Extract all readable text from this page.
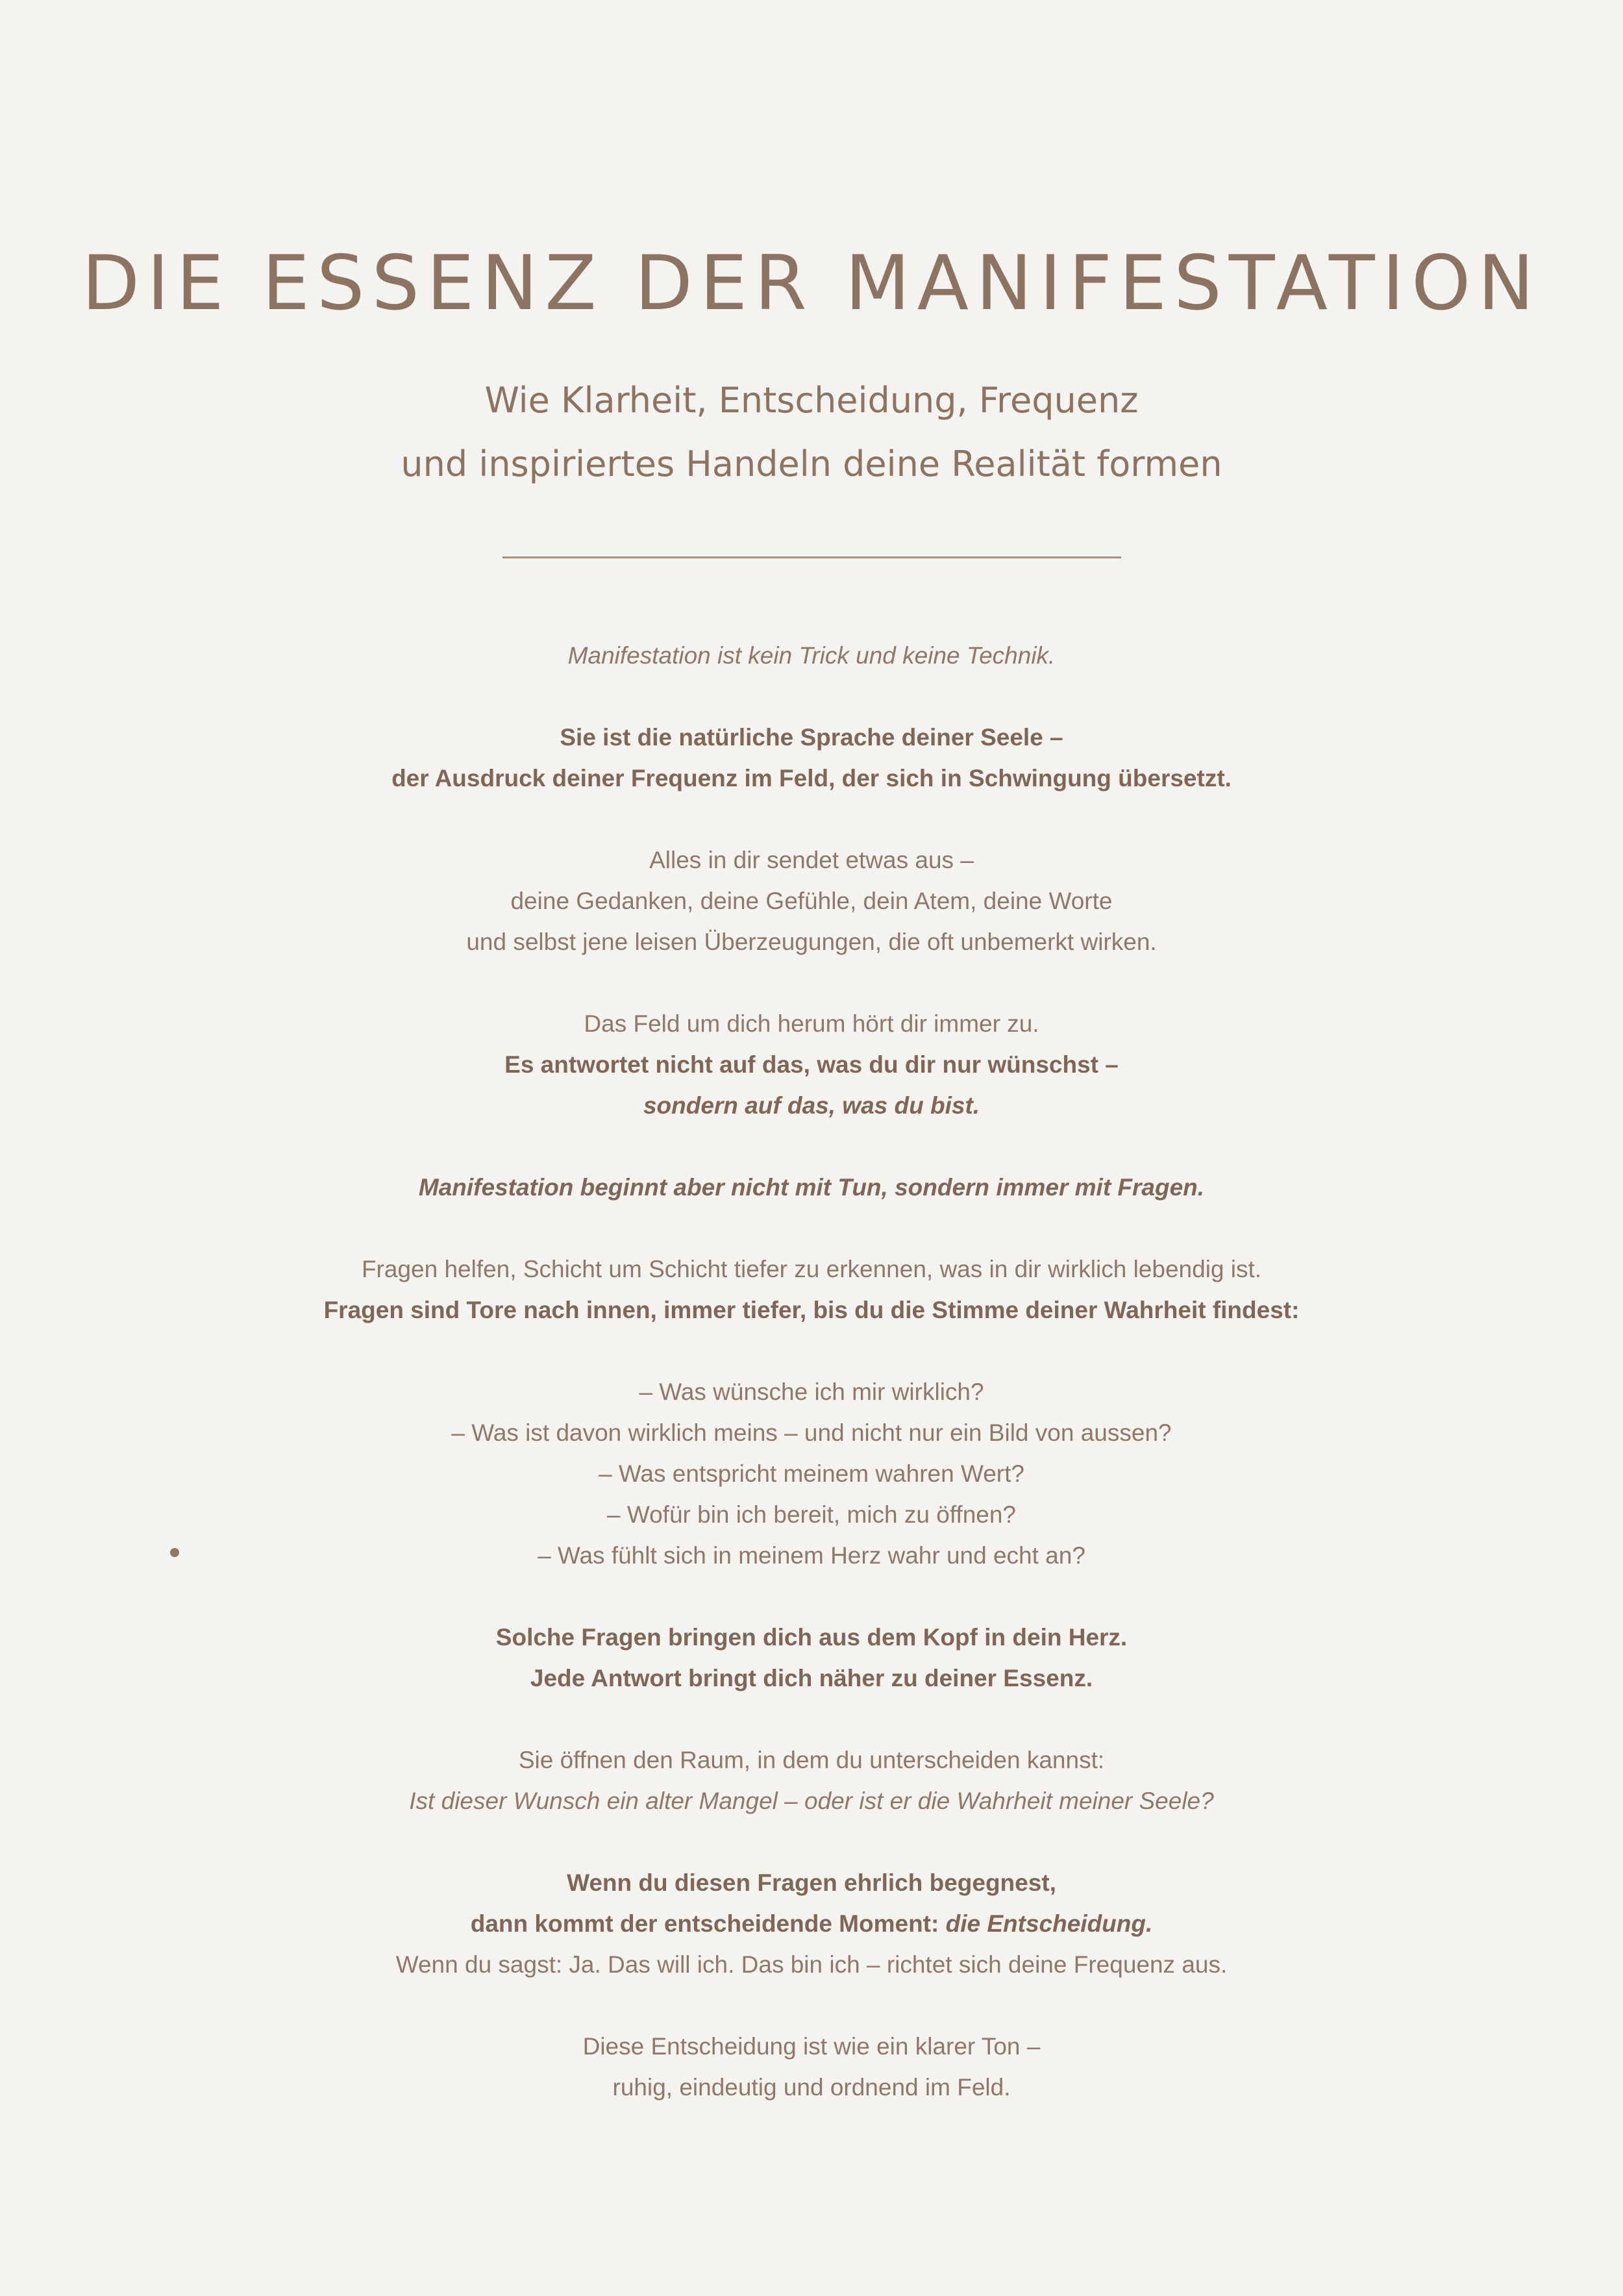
DIE ESSENZ DER MANIFESTATION
Wie Klarheit, Entscheidung, Frequenz
und inspiriertes Handeln deine Realität formen
Manifestation ist kein Trick und keine Technik.
Sie ist die natürliche Sprache deiner Seele –
der Ausdruck deiner Frequenz im Feld, der sich in Schwingung übersetzt.
Alles in dir sendet etwas aus –
deine Gedanken, deine Gefühle, dein Atem, deine Worte
und selbst jene leisen Überzeugungen, die oft unbemerkt wirken.
Das Feld um dich herum hört dir immer zu.
Es antwortet nicht auf das, was du dir nur wünschst –
sondern auf das, was du bist.
Manifestation beginnt aber nicht mit Tun, sondern immer mit Fragen.
Fragen helfen, Schicht um Schicht tiefer zu erkennen, was in dir wirklich lebendig ist.
Fragen sind Tore nach innen, immer tiefer, bis du die Stimme deiner Wahrheit findest:
– Was wünsche ich mir wirklich?
– Was ist davon wirklich meins – und nicht nur ein Bild von aussen?
– Was entspricht meinem wahren Wert?
– Wofür bin ich bereit, mich zu öffnen?
– Was fühlt sich in meinem Herz wahr und echt an?
Solche Fragen bringen dich aus dem Kopf in dein Herz.
Jede Antwort bringt dich näher zu deiner Essenz.
Sie öffnen den Raum, in dem du unterscheiden kannst:
Ist dieser Wunsch ein alter Mangel – oder ist er die Wahrheit meiner Seele?
Wenn du diesen Fragen ehrlich begegnest,
dann kommt der entscheidende Moment: die Entscheidung.
Wenn du sagst: Ja. Das will ich. Das bin ich – richtet sich deine Frequenz aus.
Diese Entscheidung ist wie ein klarer Ton –
ruhig, eindeutig und ordnend im Feld.
